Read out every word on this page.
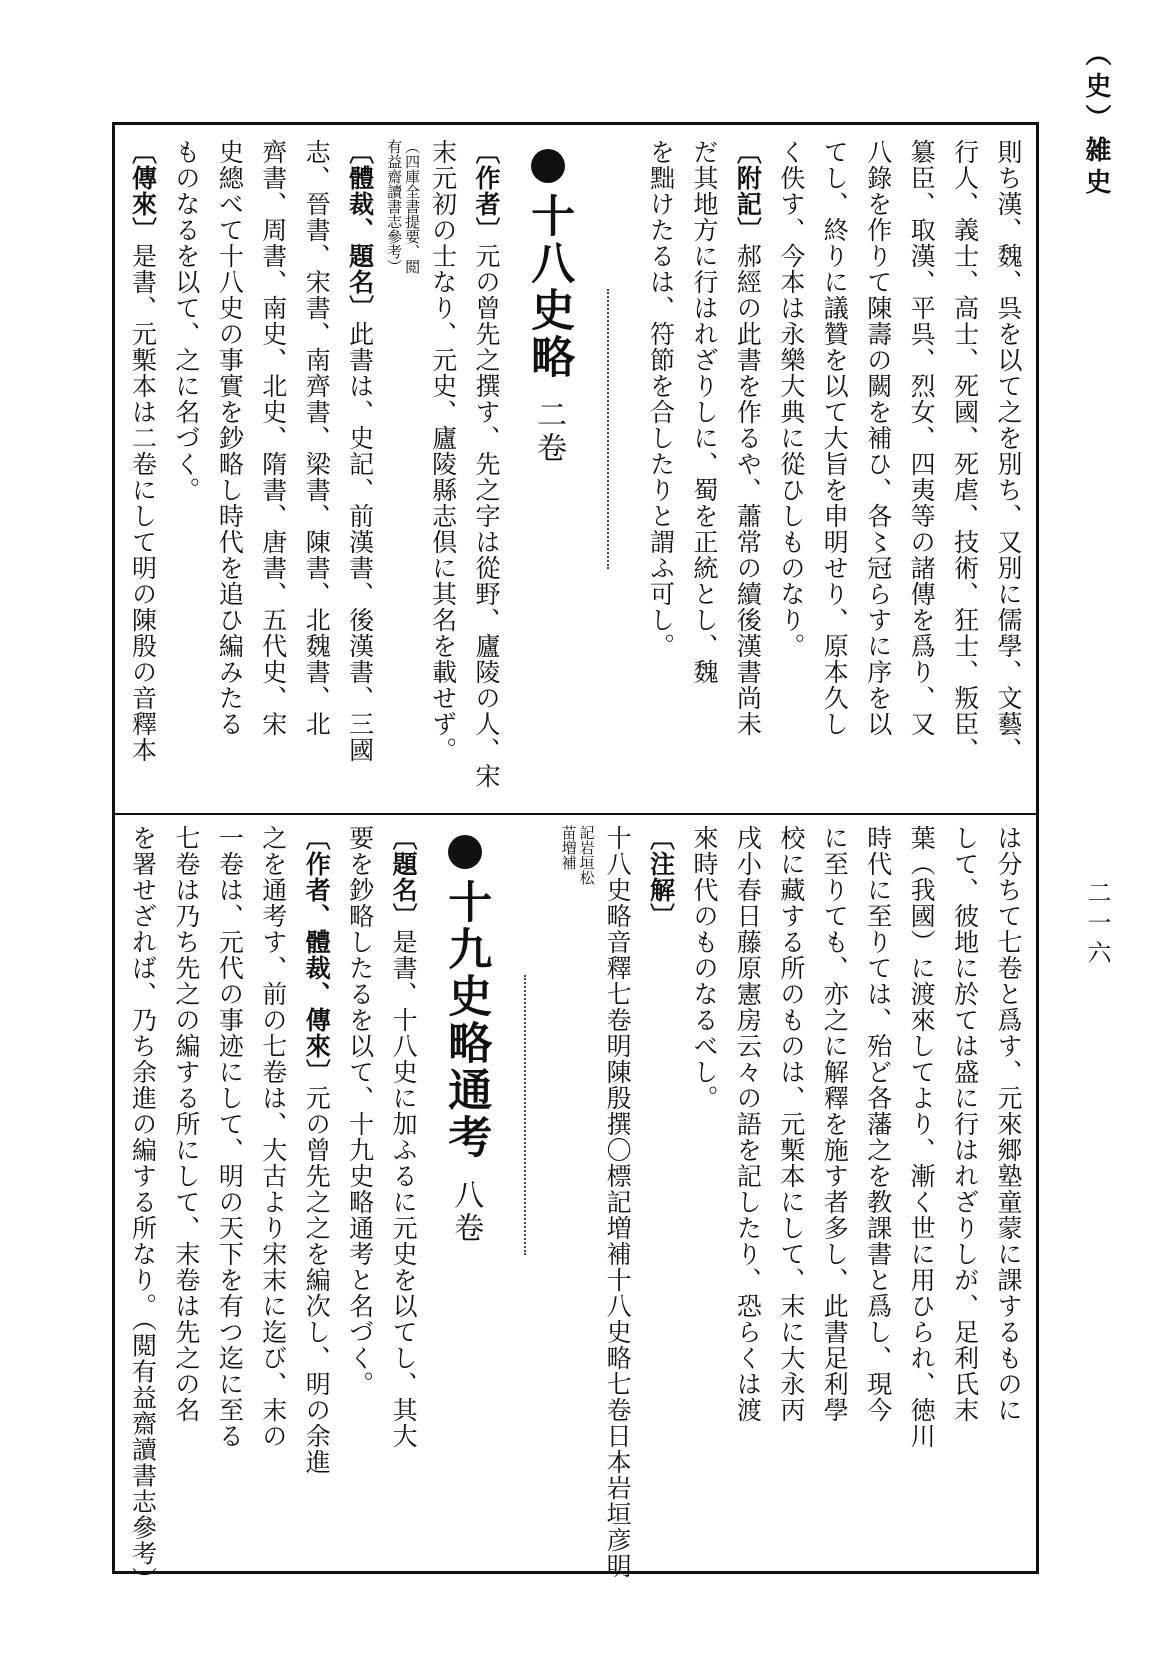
（史）雑史
二一六
則ち漢、魏、呉を以て之を別ち、又別に儒學、文藝、
行人、義士、高士、死國、死虐、技術、狂士、叛臣、
簒臣、取漢、平呉、烈女、四夷等の諸傳を爲り、又
八錄を作りて陳壽の闕を補ひ、各〻冠らすに序を以
てし、終りに議贊を以て大旨を申明せり、原本久し
く佚す、今本は永樂大典に從ひしものなり。
〔附記〕郝經の此書を作るや、蕭常の續後漢書尚未
だ其地方に行はれざりしに、蜀を正統とし、魏
を黜けたるは、符節を合したりと謂ふ可し。
十八史略 二卷
〔作者〕元の曾先之撰す、先之字は從野、廬陵の人、宋
末元初の士なり、元史、廬陵縣志倶に其名を載せず。
（四庫全書提要、閲
有益齋讀書志參考）
〔體裁、題名〕此書は、史記、前漢書、後漢書、三國
志、晉書、宋書、南齊書、梁書、陳書、北魏書、北
齊書、周書、南史、北史、隋書、唐書、五代史、宋
史總べて十八史の事實を鈔略し時代を追ひ編みたる
ものなるを以て、之に名づく。
〔傳來〕是書、元槧本は二卷にして明の陳殷の音釋本
は分ちて七卷と爲す、元來郷塾童蒙に課するものに
して、彼地に於ては盛に行はれざりしが、足利氏末
葉（我國）に渡來してより、漸く世に用ひられ、徳川
時代に至りては、殆ど各藩之を教課書と爲し、現今
に至りても、亦之に解釋を施す者多し、此書足利學
校に藏する所のものは、元槧本にして、末に大永丙
戌小春日藤原憲房云々の語を記したり、恐らくは渡
來時代のものなるべし。
〔注解〕
十八史略音釋七卷明陳殷撰〇標記増補十八史略七卷日本岩垣彦明
記岩垣松
苗増補
十九史略通考 八卷
〔題名〕是書、十八史に加ふるに元史を以てし、其大
要を鈔略したるを以て、十九史略通考と名づく。
〔作者、體裁、傳來〕元の曾先之之を編次し、明の余進
之を通考す、前の七卷は、大古より宋末に迄び、末の
一卷は、元代の事迹にして、明の天下を有つ迄に至る
七卷は乃ち先之の編する所にして、末卷は先之の名
を署せざれば、乃ち余進の編する所なり。（閲有益齋讀書志參考）
